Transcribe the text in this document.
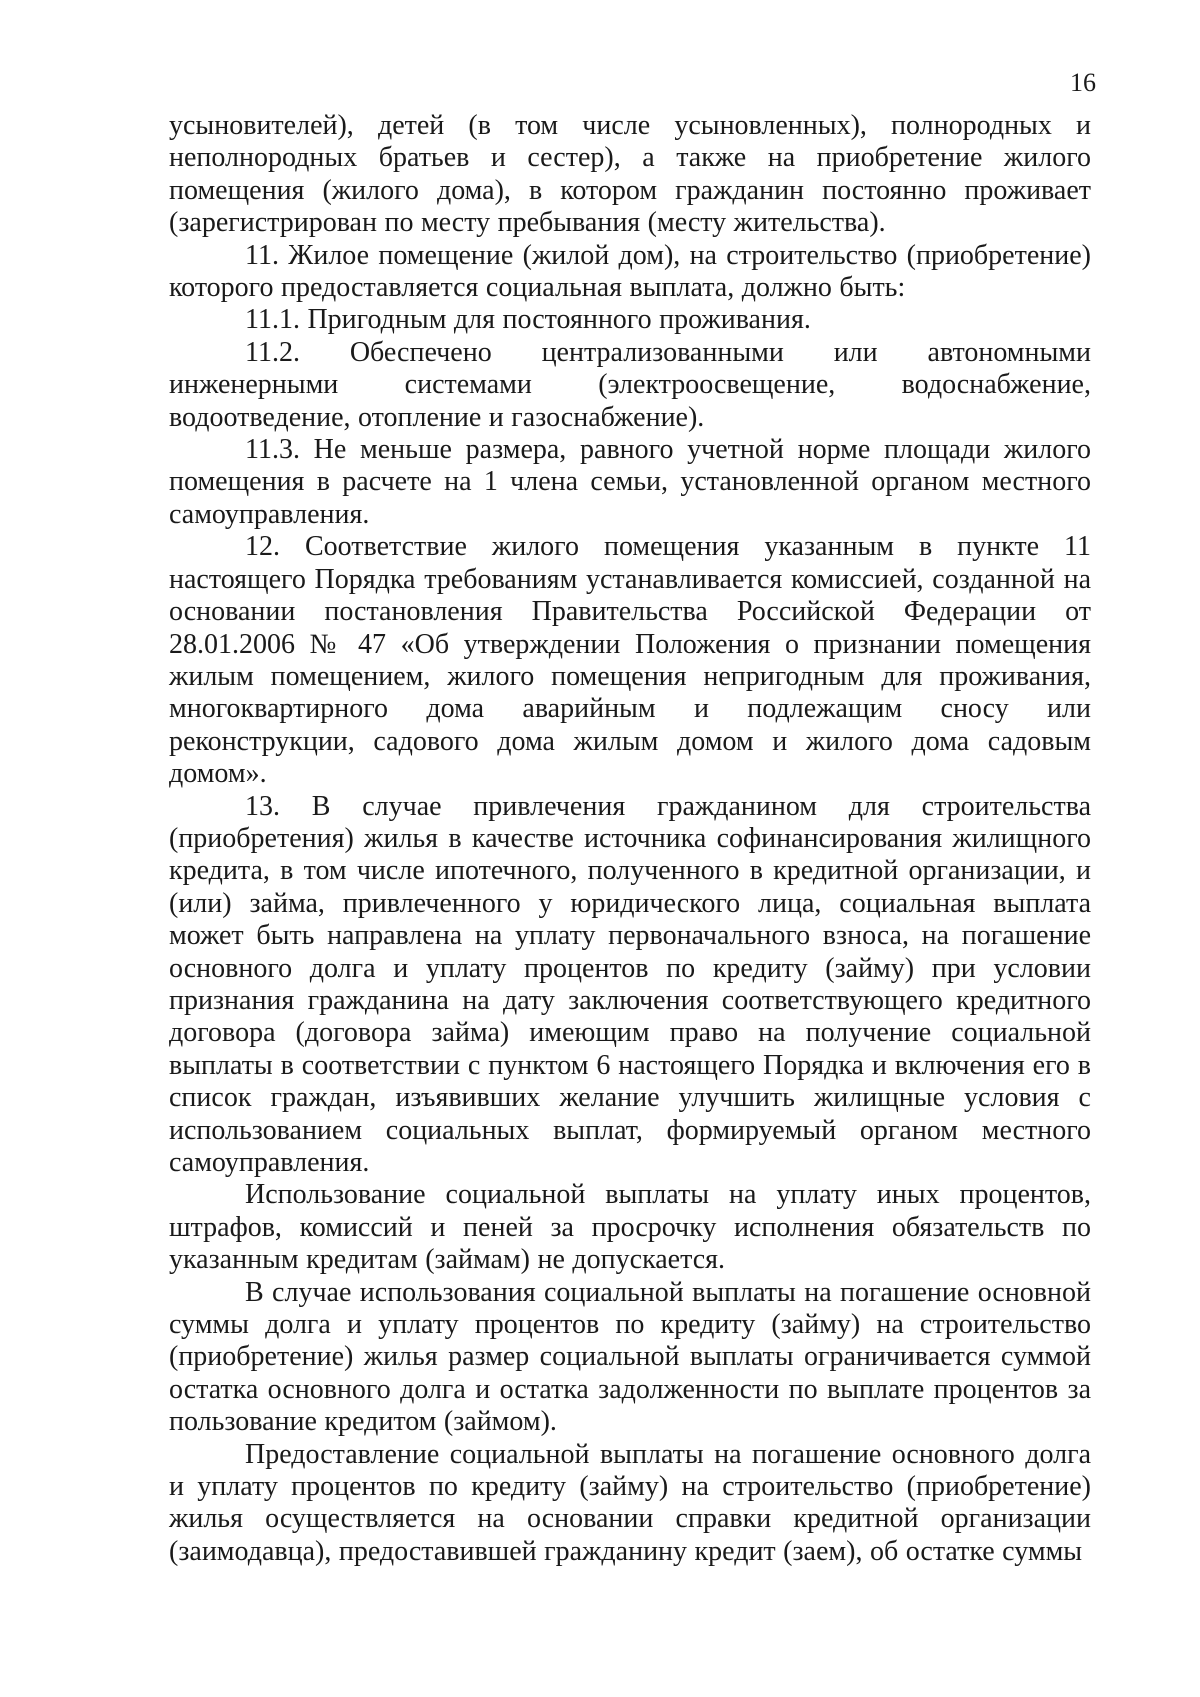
16

усыновителей), детей (в том числе усыновленных), полнородных и неполнородных братьев и сестер), а также на приобретение жилого помещения (жилого дома), в котором гражданин постоянно проживает (зарегистрирован по месту пребывания (месту жительства).

11. Жилое помещение (жилой дом), на строительство (приобретение) которого предоставляется социальная выплата, должно быть:

11.1. Пригодным для постоянного проживания.

11.2. Обеспечено централизованными или автономными инженерными системами (электроосвещение, водоснабжение, водоотведение, отопление и газоснабжение).

11.3. Не меньше размера, равного учетной норме площади жилого помещения в расчете на 1 члена семьи, установленной органом местного самоуправления.

12. Соответствие жилого помещения указанным в пункте 11 настоящего Порядка требованиям устанавливается комиссией, созданной на основании постановления Правительства Российской Федерации от 28.01.2006 № 47 «Об утверждении Положения о признании помещения жилым помещением, жилого помещения непригодным для проживания, многоквартирного дома аварийным и подлежащим сносу или реконструкции, садового дома жилым домом и жилого дома садовым домом».

13. В случае привлечения гражданином для строительства (приобретения) жилья в качестве источника софинансирования жилищного кредита, в том числе ипотечного, полученного в кредитной организации, и (или) займа, привлеченного у юридического лица, социальная выплата может быть направлена на уплату первоначального взноса, на погашение основного долга и уплату процентов по кредиту (займу) при условии признания гражданина на дату заключения соответствующего кредитного договора (договора займа) имеющим право на получение социальной выплаты в соответствии с пунктом 6 настоящего Порядка и включения его в список граждан, изъявивших желание улучшить жилищные условия с использованием социальных выплат, формируемый органом местного самоуправления.

Использование социальной выплаты на уплату иных процентов, штрафов, комиссий и пеней за просрочку исполнения обязательств по указанным кредитам (займам) не допускается.

В случае использования социальной выплаты на погашение основной суммы долга и уплату процентов по кредиту (займу) на строительство (приобретение) жилья размер социальной выплаты ограничивается суммой остатка основного долга и остатка задолженности по выплате процентов за пользование кредитом (займом).

Предоставление социальной выплаты на погашение основного долга и уплату процентов по кредиту (займу) на строительство (приобретение) жилья осуществляется на основании справки кредитной организации (заимодавца), предоставившей гражданину кредит (заем), об остатке суммы
